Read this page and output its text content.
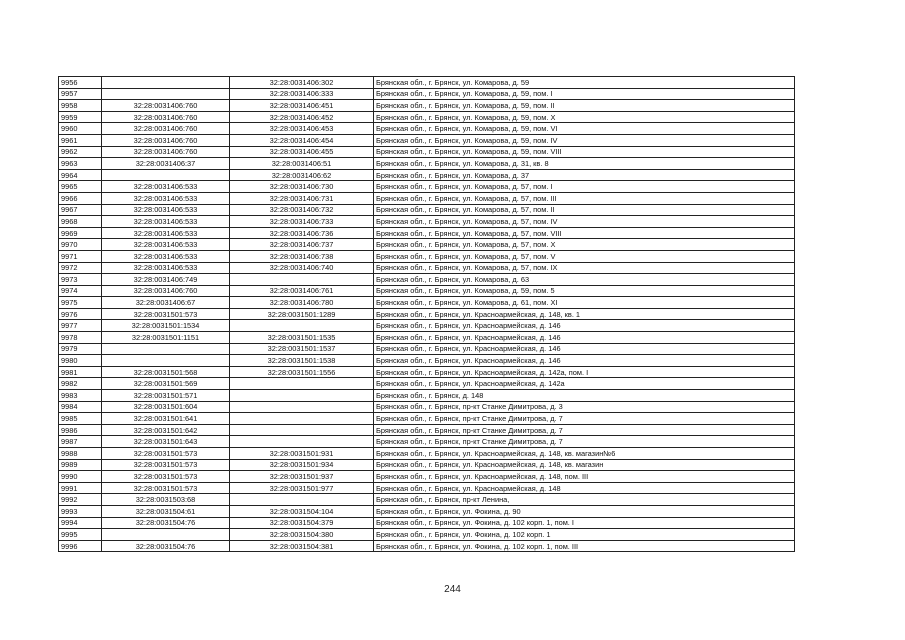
9956		32:28:0031406:302	Брянская обл., г. Брянск, ул. Комарова, д. 59
9957		32:28:0031406:333	Брянская обл., г. Брянск, ул. Комарова, д. 59, пом. I
9958	32:28:0031406:760	32:28:0031406:451	Брянская обл., г. Брянск, ул. Комарова, д. 59, пом. II
9959	32:28:0031406:760	32:28:0031406:452	Брянская обл., г. Брянск, ул. Комарова, д. 59, пом. X
9960	32:28:0031406:760	32:28:0031406:453	Брянская обл., г. Брянск, ул. Комарова, д. 59, пом. VI
9961	32:28:0031406:760	32:28:0031406:454	Брянская обл., г. Брянск, ул. Комарова, д. 59, пом. IV
9962	32:28:0031406:760	32:28:0031406:455	Брянская обл., г. Брянск, ул. Комарова, д. 59, пом. VIII
9963	32:28:0031406:37	32:28:0031406:51	Брянская обл., г. Брянск, ул. Комарова, д. 31, кв. 8
9964		32:28:0031406:62	Брянская обл., г. Брянск, ул. Комарова, д. 37
9965	32:28:0031406:533	32:28:0031406:730	Брянская обл., г. Брянск, ул. Комарова, д. 57, пом. I
9966	32:28:0031406:533	32:28:0031406:731	Брянская обл., г. Брянск, ул. Комарова, д. 57, пом. III
9967	32:28:0031406:533	32:28:0031406:732	Брянская обл., г. Брянск, ул. Комарова, д. 57, пом. II
9968	32:28:0031406:533	32:28:0031406:733	Брянская обл., г. Брянск, ул. Комарова, д. 57, пом. IV
9969	32:28:0031406:533	32:28:0031406:736	Брянская обл., г. Брянск, ул. Комарова, д. 57, пом. VIII
9970	32:28:0031406:533	32:28:0031406:737	Брянская обл., г. Брянск, ул. Комарова, д. 57, пом. X
9971	32:28:0031406:533	32:28:0031406:738	Брянская обл., г. Брянск, ул. Комарова, д. 57, пом. V
9972	32:28:0031406:533	32:28:0031406:740	Брянская обл., г. Брянск, ул. Комарова, д. 57, пом. IX
9973	32:28:0031406:749		Брянская обл., г. Брянск, ул. Комарова, д. 63
9974	32:28:0031406:760	32:28:0031406:761	Брянская обл., г. Брянск, ул. Комарова, д. 59, пом. 5
9975	32:28:0031406:67	32:28:0031406:780	Брянская обл., г. Брянск, ул. Комарова, д. 61, пом. XI
9976	32:28:0031501:573	32:28:0031501:1289	Брянская обл., г. Брянск, ул. Красноармейская, д. 148, кв. 1
9977	32:28:0031501:1534		Брянская обл., г. Брянск, ул. Красноармейская, д. 146
9978	32:28:0031501:1151	32:28:0031501:1535	Брянская обл., г. Брянск, ул. Красноармейская, д. 146
9979		32:28:0031501:1537	Брянская обл., г. Брянск, ул. Красноармейская, д. 146
9980		32:28:0031501:1538	Брянская обл., г. Брянск, ул. Красноармейская, д. 146
9981	32:28:0031501:568	32:28:0031501:1556	Брянская обл., г. Брянск, ул. Красноармейская, д. 142а, пом. I
9982	32:28:0031501:569		Брянская обл., г. Брянск, ул. Красноармейская, д. 142а
9983	32:28:0031501:571		Брянская обл., г. Брянск, д. 148
9984	32:28:0031501:604		Брянская обл., г. Брянск, пр-кт Станке Димитрова, д. 3
9985	32:28:0031501:641		Брянская обл., г. Брянск, пр-кт Станке Димитрова, д. 7
9986	32:28:0031501:642		Брянская обл., г. Брянск, пр-кт Станке Димитрова, д. 7
9987	32:28:0031501:643		Брянская обл., г. Брянск, пр-кт Станке Димитрова, д. 7
9988	32:28:0031501:573	32:28:0031501:931	Брянская обл., г. Брянск, ул. Красноармейская, д. 148, кв. магазин№6
9989	32:28:0031501:573	32:28:0031501:934	Брянская обл., г. Брянск, ул. Красноармейская, д. 148, кв. магазин
9990	32:28:0031501:573	32:28:0031501:937	Брянская обл., г. Брянск, ул. Красноармейская, д. 148, пом. III
9991	32:28:0031501:573	32:28:0031501:977	Брянская обл., г. Брянск, ул. Красноармейская, д. 148
9992	32:28:0031503:68		Брянская обл., г. Брянск, пр-кт Ленина,
9993	32:28:0031504:61	32:28:0031504:104	Брянская обл., г. Брянск, ул. Фокина, д. 90
9994	32:28:0031504:76	32:28:0031504:379	Брянская обл., г. Брянск, ул. Фокина, д. 102 корп. 1, пом. I
9995		32:28:0031504:380	Брянская обл., г. Брянск, ул. Фокина, д. 102 корп. 1
9996	32:28:0031504:76	32:28:0031504:381	Брянская обл., г. Брянск, ул. Фокина, д. 102 корп. 1, пом. III
244
